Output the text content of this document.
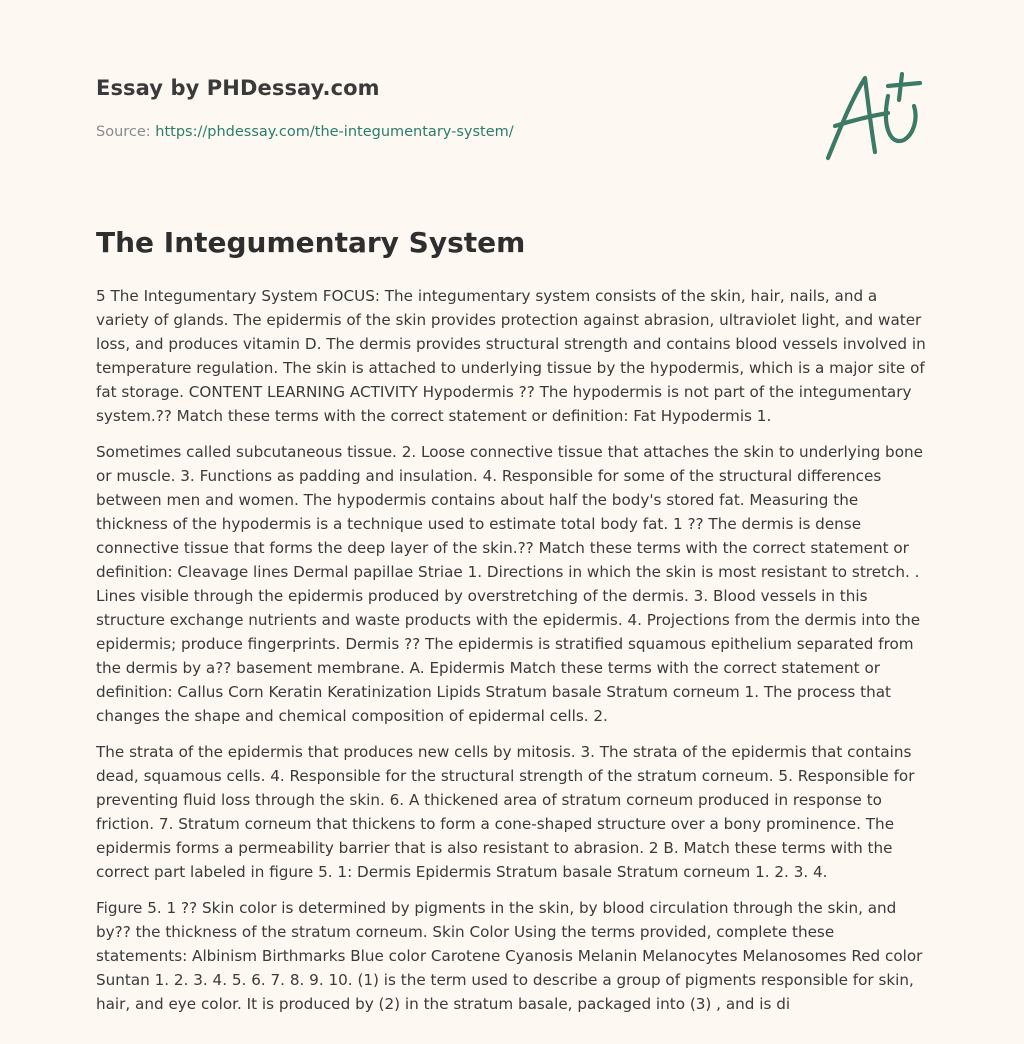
Essay by PHDessay.com
Source: https://phdessay.com/the-integumentary-system/
The Integumentary System

5 The Integumentary System FOCUS: The integumentary system consists of the skin, hair, nails, and a variety of glands. The epidermis of the skin provides protection against abrasion, ultraviolet light, and water loss, and produces vitamin D. The dermis provides structural strength and contains blood vessels involved in temperature regulation. The skin is attached to underlying tissue by the hypodermis, which is a major site of fat storage. CONTENT LEARNING ACTIVITY Hypodermis ?? The hypodermis is not part of the integumentary system.?? Match these terms with the correct statement or definition: Fat Hypodermis 1.

Sometimes called subcutaneous tissue. 2. Loose connective tissue that attaches the skin to underlying bone or muscle. 3. Functions as padding and insulation. 4. Responsible for some of the structural differences between men and women. The hypodermis contains about half the body's stored fat. Measuring the thickness of the hypodermis is a technique used to estimate total body fat. 1 ?? The dermis is dense connective tissue that forms the deep layer of the skin.?? Match these terms with the correct statement or definition: Cleavage lines Dermal papillae Striae 1. Directions in which the skin is most resistant to stretch. . Lines visible through the epidermis produced by overstretching of the dermis. 3. Blood vessels in this structure exchange nutrients and waste products with the epidermis. 4. Projections from the dermis into the epidermis; produce fingerprints. Dermis ?? The epidermis is stratified squamous epithelium separated from the dermis by a?? basement membrane. A. Epidermis Match these terms with the correct statement or definition: Callus Corn Keratin Keratinization Lipids Stratum basale Stratum corneum 1. The process that changes the shape and chemical composition of epidermal cells. 2.

The strata of the epidermis that produces new cells by mitosis. 3. The strata of the epidermis that contains dead, squamous cells. 4. Responsible for the structural strength of the stratum corneum. 5. Responsible for preventing fluid loss through the skin. 6. A thickened area of stratum corneum produced in response to friction. 7. Stratum corneum that thickens to form a cone-shaped structure over a bony prominence. The epidermis forms a permeability barrier that is also resistant to abrasion. 2 B. Match these terms with the correct part labeled in figure 5. 1: Dermis Epidermis Stratum basale Stratum corneum 1. 2. 3. 4.

Figure 5. 1 ?? Skin color is determined by pigments in the skin, by blood circulation through the skin, and by?? the thickness of the stratum corneum. Skin Color Using the terms provided, complete these statements: Albinism Birthmarks Blue color Carotene Cyanosis Melanin Melanocytes Melanosomes Red color Suntan 1. 2. 3. 4. 5. 6. 7. 8. 9. 10. (1) is the term used to describe a group of pigments responsible for skin, hair, and eye color. It is produced by (2) in the stratum basale, packaged into (3) , and is di
